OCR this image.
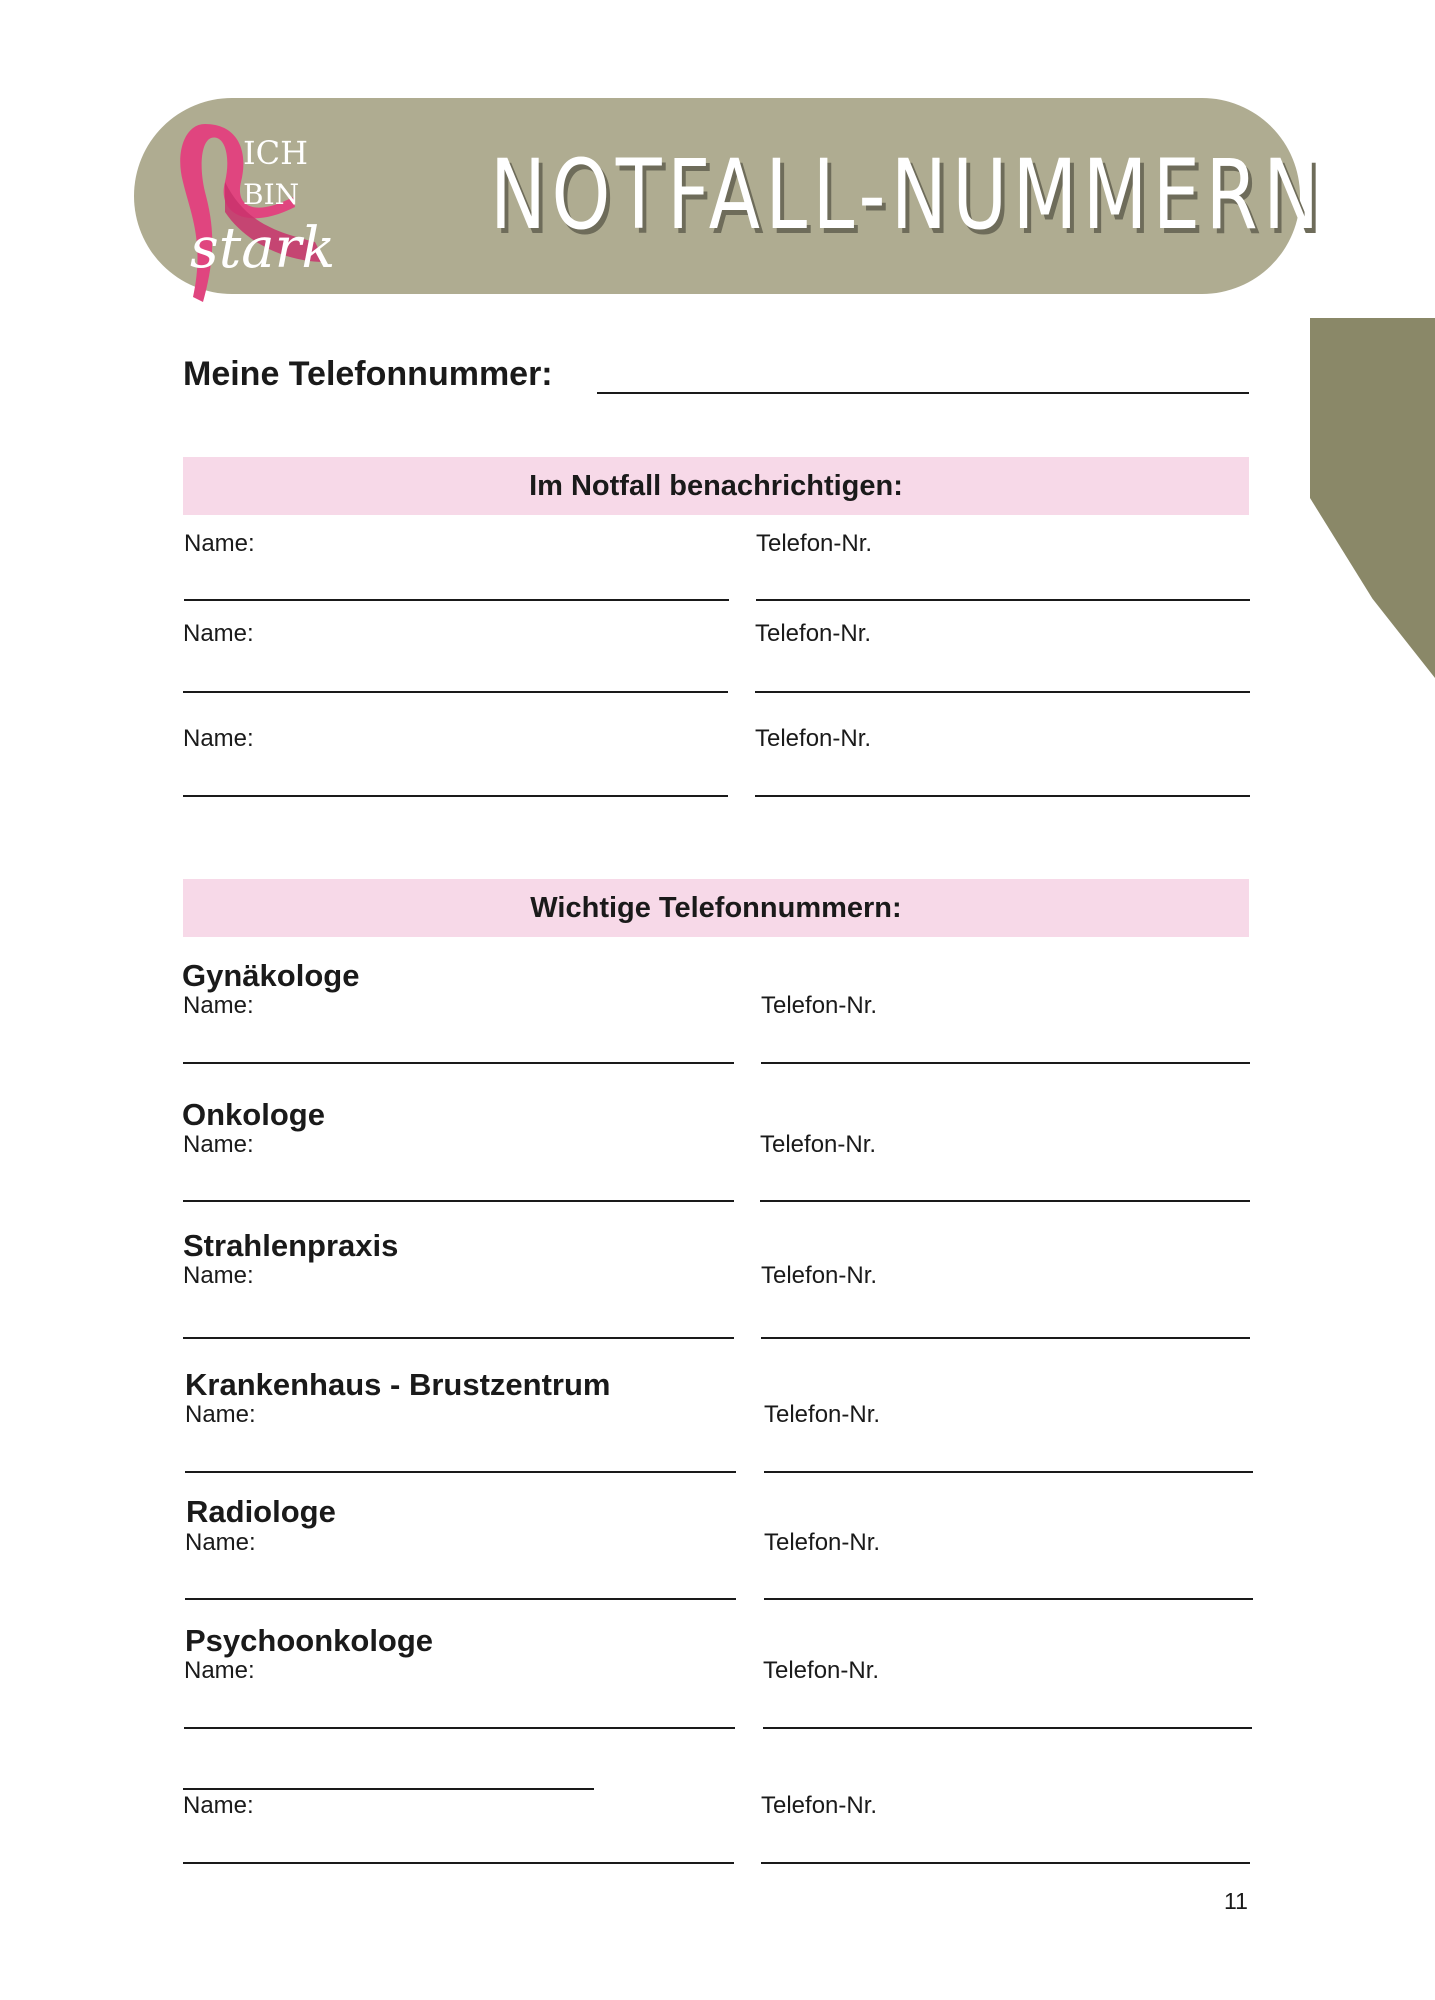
NOTFALL-NUMMERN
ICH
BIN
stark
Meine Telefonnummer:
Im Notfall benachrichtigen:
Name:	Telefon-Nr.
Name:	Telefon-Nr.
Name:	Telefon-Nr.
Wichtige Telefonnummern:
Gynäkologe
Name:	Telefon-Nr.
Onkologe
Name:	Telefon-Nr.
Strahlenpraxis
Name:	Telefon-Nr.
Krankenhaus - Brustzentrum
Name:	Telefon-Nr.
Radiologe
Name:	Telefon-Nr.
Psychoonkologe
Name:	Telefon-Nr.
Name:	Telefon-Nr.
11
